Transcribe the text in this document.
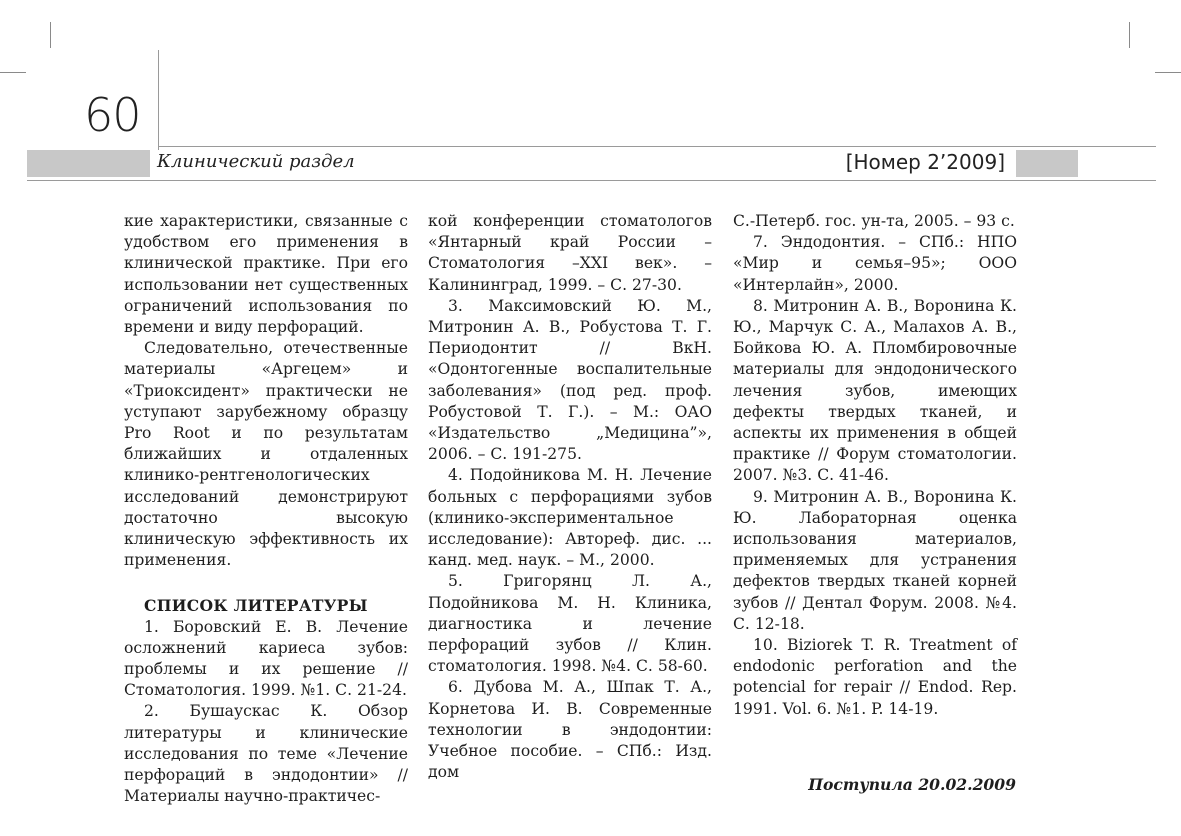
60
Клинический раздел	[Номер 2’2009]

кие характеристики, связанные с удобством его применения в клинической практике. При его использовании нет существенных ограничений использования по времени и виду перфораций.

Следовательно, отечественные материалы «Аргецем» и «Триоксидент» практически не уступают зарубежному образцу Pro Root и по результатам ближайших и отдаленных клинико-рентгенологических исследований демонстрируют достаточно высокую клиническую эффективность их применения.

СПИСОК ЛИТЕРАТУРЫ

1. Боровский Е. В. Лечение осложнений кариеса зубов: проблемы и их решение // Стоматология. 1999. №1. С. 21-24.

2. Бушаускас К. Обзор литературы и клинические исследования по теме «Лечение перфораций в эндодонтии» // Материалы научно-практичес-

кой конференции стоматологов «Янтарный край России – Стоматология –XXI век». – Калининград, 1999. – С. 27-30.

3. Максимовский Ю. М., Митронин А. В., Робустова Т. Г. Периодонтит // ВкН. «Одонтогенные воспалительные заболевания» (под ред. проф. Робустовой Т. Г.). – М.: ОАО «Издательство „Медицина”», 2006. – С. 191-275.

4. Подойникова М. Н. Лечение больных с перфорациями зубов (клинико-экспериментальное исследование): Автореф. дис. ... канд. мед. наук. – М., 2000.

5. Григорянц Л. А., Подойникова М. Н. Клиника, диагностика и лечение перфораций зубов // Клин. стоматология. 1998. №4. С. 58-60.

6. Дубова М. А., Шпак Т. А., Корнетова И. В. Современные технологии в эндодонтии: Учебное пособие. – СПб.: Изд. дом

С.-Петерб. гос. ун-та, 2005. – 93 с.

7. Эндодонтия. – СПб.: НПО «Мир и семья–95»; ООО «Интерлайн», 2000.

8. Митронин А. В., Воронина К. Ю., Марчук С. А., Малахов А. В., Бойкова Ю. А. Пломбировочные материалы для эндодонического лечения зубов, имеющих дефекты твердых тканей, и аспекты их применения в общей практике // Форум стоматологии. 2007. №3. С. 41-46.

9. Митронин А. В., Воронина К. Ю. Лабораторная оценка использования материалов, применяемых для устранения дефектов твердых тканей корней зубов // Дентал Форум. 2008. №4. С. 12-18.

10. Biziorek T. R. Treatment of endodonic perforation and the potencial for repair // Endod. Rep. 1991. Vol. 6. №1. P. 14-19.

Поступила 20.02.2009
